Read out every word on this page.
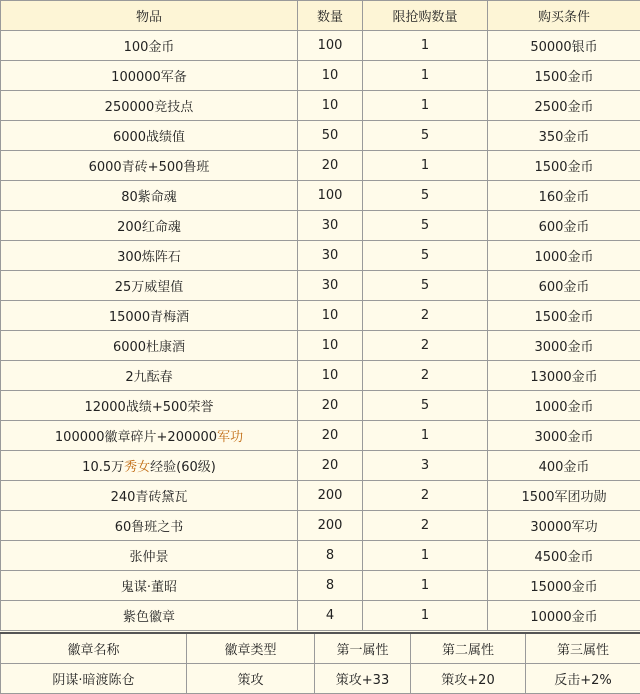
物品	数量	限抢购数量	购买条件
100金币	100	1	50000银币
100000军备	10	1	1500金币
250000竞技点	10	1	2500金币
6000战绩值	50	5	350金币
6000青砖+500鲁班	20	1	1500金币
80紫命魂	100	5	160金币
200红命魂	30	5	600金币
300炼阵石	30	5	1000金币
25万威望值	30	5	600金币
15000青梅酒	10	2	1500金币
6000杜康酒	10	2	3000金币
2九酝春	10	2	13000金币
12000战绩+500荣誉	20	5	1000金币
100000徽章碎片+200000军功	20	1	3000金币
10.5万秀女经验(60级)	20	3	400金币
240青砖黛瓦	200	2	1500军团功勋
60鲁班之书	200	2	30000军功
张仲景	8	1	4500金币
鬼谋·董昭	8	1	15000金币
紫色徽章	4	1	10000金币
徽章名称	徽章类型	第一属性	第二属性	第三属性
阴谋·暗渡陈仓	策攻	策攻+33	策攻+20	反击+2%
